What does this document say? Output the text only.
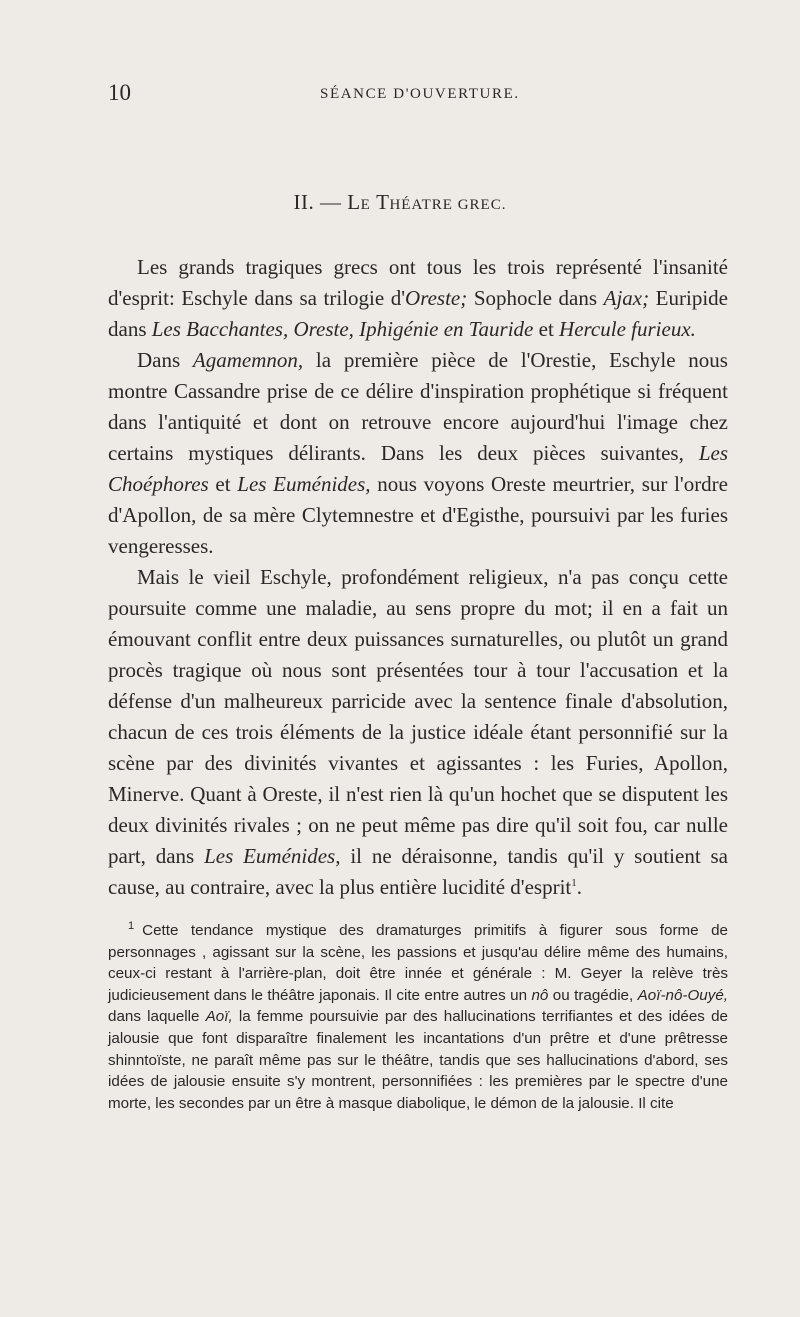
10	SÉANCE D'OUVERTURE.
II. — LE THÉATRE GREC.

Les grands tragiques grecs ont tous les trois représenté l'insanité d'esprit: Eschyle dans sa trilogie d'Oreste; Sophocle dans Ajax; Euripide dans Les Bacchantes, Oreste, Iphigénie en Tauride et Hercule furieux.

Dans Agamemnon, la première pièce de l'Orestie, Eschyle nous montre Cassandre prise de ce délire d'inspiration prophétique si fréquent dans l'antiquité et dont on retrouve encore aujourd'hui l'image chez certains mystiques délirants. Dans les deux pièces suivantes, Les Choéphores et Les Euménides, nous voyons Oreste meurtrier, sur l'ordre d'Apollon, de sa mère Clytemnestre et d'Egisthe, poursuivi par les furies vengeresses.

Mais le vieil Eschyle, profondément religieux, n'a pas conçu cette poursuite comme une maladie, au sens propre du mot; il en a fait un émouvant conflit entre deux puissances surnaturelles, ou plutôt un grand procès tragique où nous sont présentées tour à tour l'accusation et la défense d'un malheureux parricide avec la sentence finale d'absolution, chacun de ces trois éléments de la justice idéale étant personnifié sur la scène par des divinités vivantes et agissantes : les Furies, Apollon, Minerve. Quant à Oreste, il n'est rien là qu'un hochet que se disputent les deux divinités rivales ; on ne peut même pas dire qu'il soit fou, car nulle part, dans Les Euménides, il ne déraisonne, tandis qu'il y soutient sa cause, au contraire, avec la plus entière lucidité d'esprit$^1$.

$^1$ Cette tendance mystique des dramaturges primitifs à figurer sous forme de personnages , agissant sur la scène, les passions et jusqu'au délire même des humains, ceux-ci restant à l'arrière-plan, doit être innée et générale : M. Geyer la relève très judicieusement dans le théâtre japonais. Il cite entre autres un nô ou tragédie, Aoï-nô-Ouyé, dans laquelle Aoï, la femme poursuivie par des hallucinations terrifiantes et des idées de jalousie que font disparaître finalement les incantations d'un prêtre et d'une prêtresse shinntoïste, ne paraît même pas sur le théâtre, tandis que ses hallucinations d'abord, ses idées de jalousie ensuite s'y montrent, personnifiées : les premières par le spectre d'une morte, les secondes par un être à masque diabolique, le démon de la jalousie. Il cite
